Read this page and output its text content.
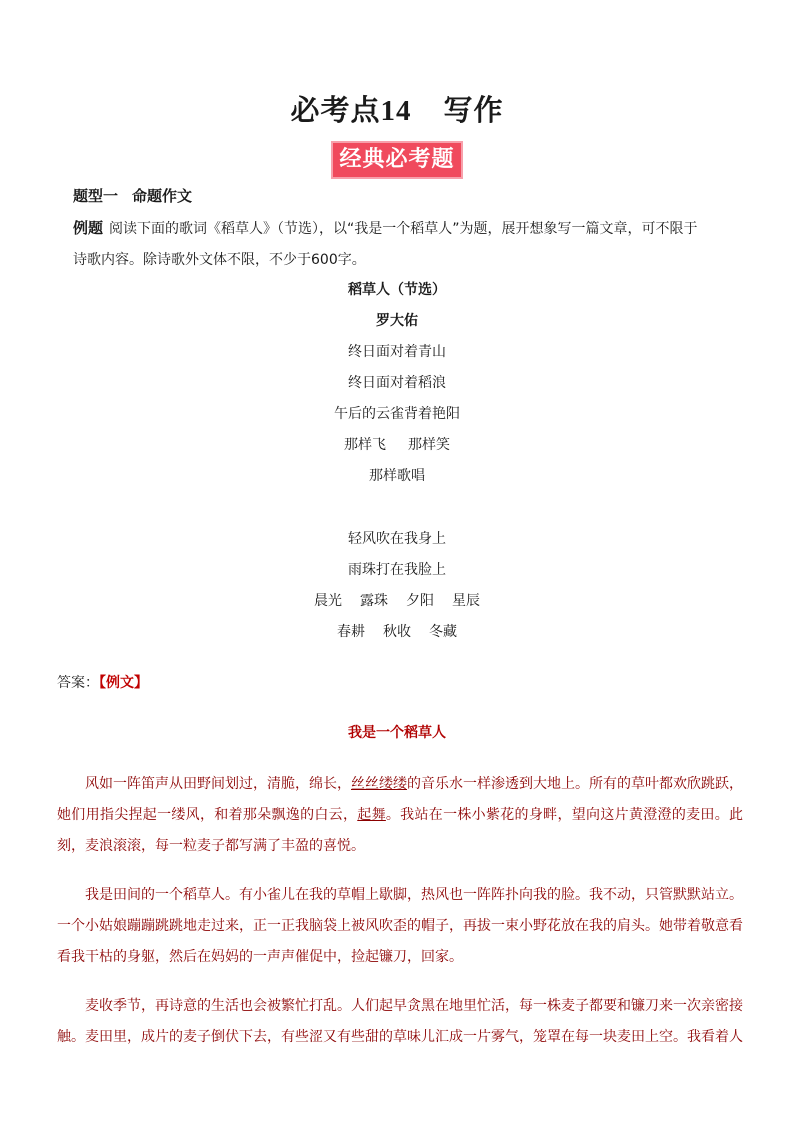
必考点14 写作
经典必考题
题型一 命题作文
例题 阅读下面的歌词《稻草人》（节选），以“我是一个稻草人”为题，展开想象写一篇文章，可不限于
诗歌内容。除诗歌外文体不限，不少于600字。
稻草人（节选）
罗大佑
终日面对着青山
终日面对着稻浪
午后的云雀背着艳阳
那样飞 那样笑
那样歌唱
轻风吹在我身上
雨珠打在我脸上
晨光 露珠 夕阳 星辰
春耕 秋收 冬藏
答案：【例文】
我是一个稻草人

风如一阵笛声从田野间划过，清脆，绵长，丝丝缕缕的音乐水一样渗透到大地上。所有的草叶都欢欣跳跃，她们用指尖捏起一缕风，和着那朵飘逸的白云，起舞。我站在一株小紫花的身畔，望向这片黄澄澄的麦田。此刻，麦浪滚滚，每一粒麦子都写满了丰盈的喜悦。

我是田间的一个稻草人。有小雀儿在我的草帽上歇脚，热风也一阵阵扑向我的脸。我不动，只管默默站立。一个小姑娘蹦蹦跳跳地走过来，正一正我脑袋上被风吹歪的帽子，再拔一束小野花放在我的肩头。她带着敬意看看我干枯的身躯，然后在妈妈的一声声催促中，捡起镰刀，回家。

麦收季节，再诗意的生活也会被繁忙打乱。人们起早贪黑在地里忙活，每一株麦子都要和镰刀来一次亲密接触。麦田里，成片的麦子倒伏下去，有些涩又有些甜的草味儿汇成一片雾气，笼罩在每一块麦田上空。我看着人
